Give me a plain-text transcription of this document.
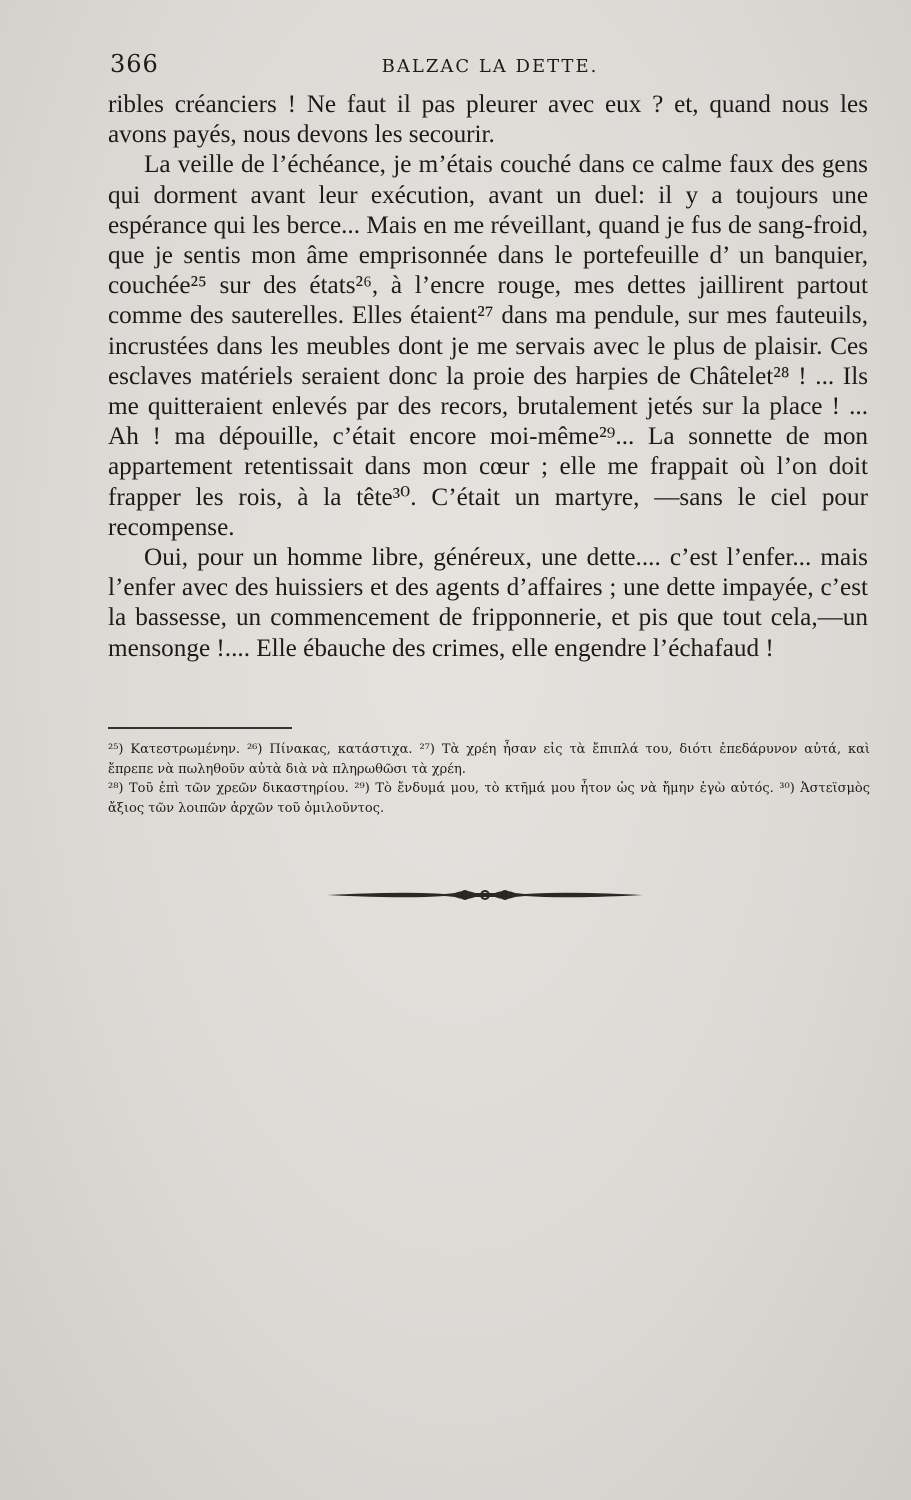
366	BALZAC LA DETTE.

ribles créanciers ! Ne faut il pas pleurer avec eux ? et, quand nous les avons payés, nous devons les secourir.

La veille de l’échéance, je m’étais couché dans ce calme faux des gens qui dorment avant leur exécution, avant un duel: il y a toujours une espérance qui les berce... Mais en me réveillant, quand je fus de sang-froid, que je sentis mon âme emprisonnée dans le portefeuille d’ un banquier, couchée²⁵ sur des états²⁶, à l’encre rouge, mes dettes jaillirent partout comme des sauterelles. Elles étaient²⁷ dans ma pendule, sur mes fauteuils, incrustées dans les meubles dont je me servais avec le plus de plaisir. Ces esclaves matériels seraient donc la proie des harpies de Châtelet²⁸ ! ... Ils me quitteraient enlevés par des recors, brutalement jetés sur la place ! ... Ah ! ma dépouille, c’était encore moi-même²⁹... La sonnette de mon appartement retentissait dans mon cœur ; elle me frappait où l’on doit frapper les rois, à la tête³⁰. C’était un martyre, —sans le ciel pour recompense.

Oui, pour un homme libre, généreux, une dette.... c’est l’enfer... mais l’enfer avec des huissiers et des agents d’affaires ; une dette impayée, c’est la bassesse, un commencement de fripponnerie, et pis que tout cela,—un mensonge !.... Elle ébauche des crimes, elle engendre l’échafaud !

²⁵) Κατεστρωμένην. ²⁶) Πίνακας, κατάστιχα. ²⁷) Τὰ χρέη ἦσαν εἰς τὰ ἔπιπλά του, διότι ἐπεδάρυνον αὐτά, καὶ ἔπρεπε νὰ πωληθοῦν αὐτὰ διὰ νὰ πληρωθῶσι τὰ χρέη.

²⁸) Τοῦ ἐπὶ τῶν χρεῶν δικαστηρίου. ²⁹) Τὸ ἔνδυμά μου, τὸ κτῆμά μου ἦτον ὡς νὰ ἤμην ἐγὼ αὐτός. ³⁰) Ἀστεϊσμὸς ἄξιος τῶν λοιπῶν ἀρχῶν τοῦ ὁμιλοῦντος.
